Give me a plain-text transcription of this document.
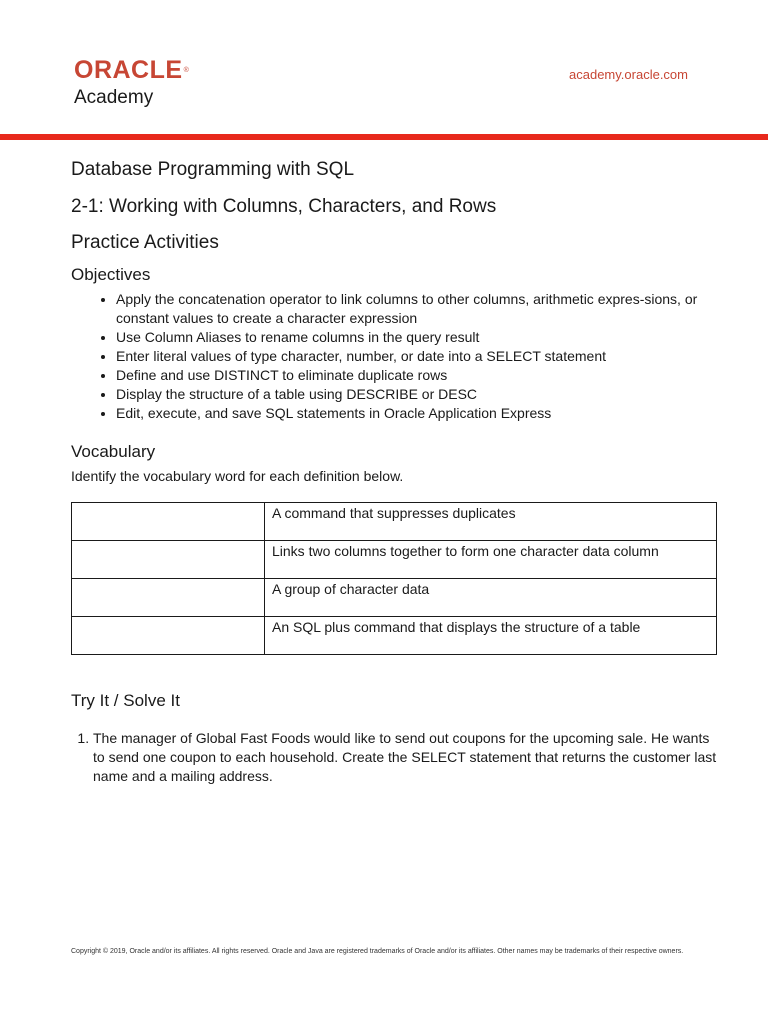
ORACLE®
Academy
academy.oracle.com
Database Programming with SQL
2-1: Working with Columns, Characters, and Rows
Practice Activities
Objectives
• Apply the concatenation operator to link columns to other columns, arithmetic expres-sions, or constant values to create a character expression
• Use Column Aliases to rename columns in the query result
• Enter literal values of type character, number, or date into a SELECT statement
• Define and use DISTINCT to eliminate duplicate rows
• Display the structure of a table using DESCRIBE or DESC
• Edit, execute, and save SQL statements in Oracle Application Express
Vocabulary

Identify the vocabulary word for each definition below.

	A command that suppresses duplicates
	Links two columns together to form one character data column
	A group of character data
	An SQL plus command that displays the structure of a table
Try It / Solve It
1. The manager of Global Fast Foods would like to send out coupons for the upcoming sale. He wants to send one coupon to each household. Create the SELECT statement that returns the customer last name and a mailing address.
Copyright © 2019, Oracle and/or its affiliates. All rights reserved. Oracle and Java are registered trademarks of Oracle and/or its affiliates. Other names may be trademarks of their respective owners.
